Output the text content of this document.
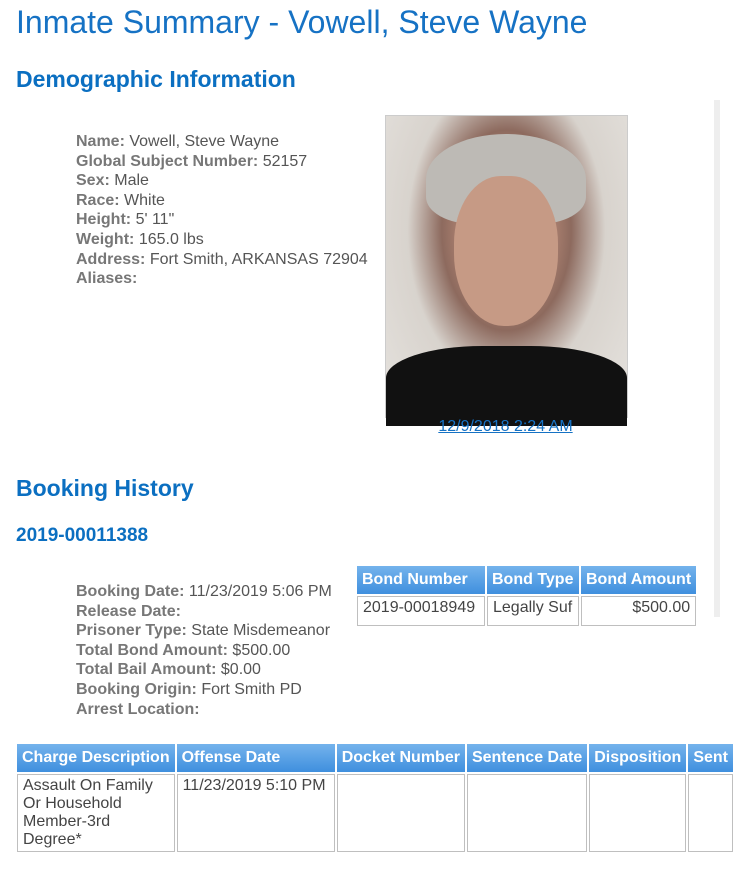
Inmate Summary - Vowell, Steve Wayne
Demographic Information
Name: Vowell, Steve Wayne
Global Subject Number: 52157
Sex: Male
Race: White
Height: 5' 11"
Weight: 165.0 lbs
Address: Fort Smith, ARKANSAS 72904
Aliases:
12/9/2018 2:24 AM
Booking History
2019-00011388
Booking Date: 11/23/2019 5:06 PM
Release Date:
Prisoner Type: State Misdemeanor
Total Bond Amount: $500.00
Total Bail Amount: $0.00
Booking Origin: Fort Smith PD
Arrest Location:
Bond Number	Bond Type	Bond Amount
2019-00018949	Legally Suf	$500.00
Charge Description	Offense Date	Docket Number	Sentence Date	Disposition	Sent
Assault On Family Or Household Member-3rd Degree*	11/23/2019 5:10 PM				
